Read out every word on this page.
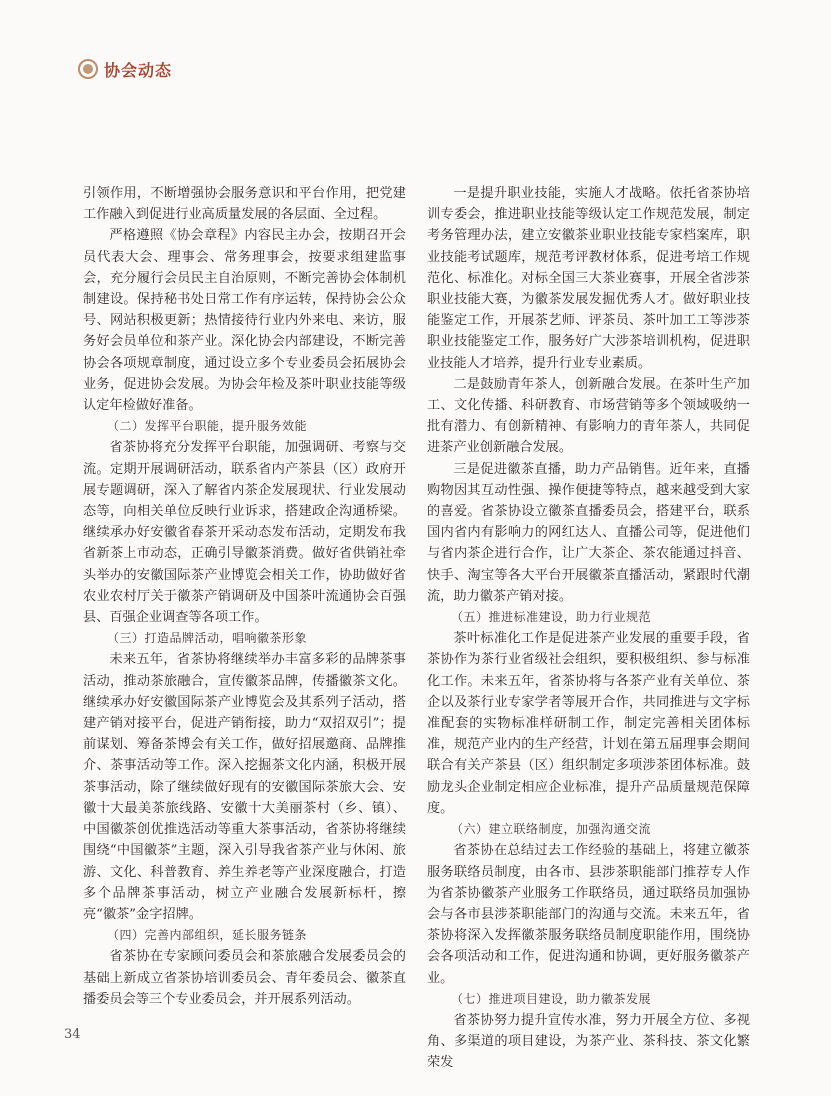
协会动态

引领作用，不断增强协会服务意识和平台作用，把党建工作融入到促进行业高质量发展的各层面、全过程。

严格遵照《协会章程》内容民主办会，按期召开会员代表大会、理事会、常务理事会，按要求组建监事会，充分履行会员民主自治原则，不断完善协会体制机制建设。保持秘书处日常工作有序运转，保持协会公众号、网站积极更新；热情接待行业内外来电、来访，服务好会员单位和茶产业。深化协会内部建设，不断完善协会各项规章制度，通过设立多个专业委员会拓展协会业务，促进协会发展。为协会年检及茶叶职业技能等级认定年检做好准备。

（二）发挥平台职能，提升服务效能

省茶协将充分发挥平台职能，加强调研、考察与交流。定期开展调研活动，联系省内产茶县（区）政府开展专题调研，深入了解省内茶企发展现状、行业发展动态等，向相关单位反映行业诉求，搭建政企沟通桥梁。继续承办好安徽省春茶开采动态发布活动，定期发布我省新茶上市动态，正确引导徽茶消费。做好省供销社牵头举办的安徽国际茶产业博览会相关工作，协助做好省农业农村厅关于徽茶产销调研及中国茶叶流通协会百强县、百强企业调查等各项工作。

（三）打造品牌活动，唱响徽茶形象

未来五年，省茶协将继续举办丰富多彩的品牌茶事活动，推动茶旅融合，宣传徽茶品牌，传播徽茶文化。继续承办好安徽国际茶产业博览会及其系列子活动，搭建产销对接平台，促进产销衔接，助力“双招双引”；提前谋划、筹备茶博会有关工作，做好招展邀商、品牌推介、茶事活动等工作。深入挖掘茶文化内涵，积极开展茶事活动，除了继续做好现有的安徽国际茶旅大会、安徽十大最美茶旅线路、安徽十大美丽茶村（乡、镇）、中国徽茶创优推选活动等重大茶事活动，省茶协将继续围绕“中国徽茶”主题，深入引导我省茶产业与休闲、旅游、文化、科普教育、养生养老等产业深度融合，打造多个品牌茶事活动，树立产业融合发展新标杆，擦亮“徽茶”金字招牌。

（四）完善内部组织，延长服务链条

省茶协在专家顾问委员会和茶旅融合发展委员会的基础上新成立省茶协培训委员会、青年委员会、徽茶直播委员会等三个专业委员会，并开展系列活动。

一是提升职业技能，实施人才战略。依托省茶协培训专委会，推进职业技能等级认定工作规范发展，制定考务管理办法，建立安徽茶业职业技能专家档案库，职业技能考试题库，规范考评教材体系，促进考培工作规范化、标准化。对标全国三大茶业赛事，开展全省涉茶职业技能大赛，为徽茶发展发掘优秀人才。做好职业技能鉴定工作，开展茶艺师、评茶员、茶叶加工工等涉茶职业技能鉴定工作，服务好广大涉茶培训机构，促进职业技能人才培养，提升行业专业素质。

二是鼓励青年茶人，创新融合发展。在茶叶生产加工、文化传播、科研教育、市场营销等多个领域吸纳一批有潜力、有创新精神、有影响力的青年茶人，共同促进茶产业创新融合发展。

三是促进徽茶直播，助力产品销售。近年来，直播购物因其互动性强、操作便捷等特点，越来越受到大家的喜爱。省茶协设立徽茶直播委员会，搭建平台，联系国内省内有影响力的网红达人、直播公司等，促进他们与省内茶企进行合作，让广大茶企、茶农能通过抖音、快手、淘宝等各大平台开展徽茶直播活动，紧跟时代潮流，助力徽茶产销对接。

（五）推进标准建设，助力行业规范

茶叶标准化工作是促进茶产业发展的重要手段，省茶协作为茶行业省级社会组织，要积极组织、参与标准化工作。未来五年，省茶协将与各茶产业有关单位、茶企以及茶行业专家学者等展开合作，共同推进与文字标准配套的实物标准样研制工作，制定完善相关团体标准，规范产业内的生产经营，计划在第五届理事会期间联合有关产茶县（区）组织制定多项涉茶团体标准。鼓励龙头企业制定相应企业标准，提升产品质量规范保障度。

（六）建立联络制度，加强沟通交流

省茶协在总结过去工作经验的基础上，将建立徽茶服务联络员制度，由各市、县涉茶职能部门推荐专人作为省茶协徽茶产业服务工作联络员，通过联络员加强协会与各市县涉茶职能部门的沟通与交流。未来五年，省茶协将深入发挥徽茶服务联络员制度职能作用，围绕协会各项活动和工作，促进沟通和协调，更好服务徽茶产业。

（七）推进项目建设，助力徽茶发展

省茶协努力提升宣传水准，努力开展全方位、多视角、多渠道的项目建设，为茶产业、茶科技、茶文化繁荣发

34
